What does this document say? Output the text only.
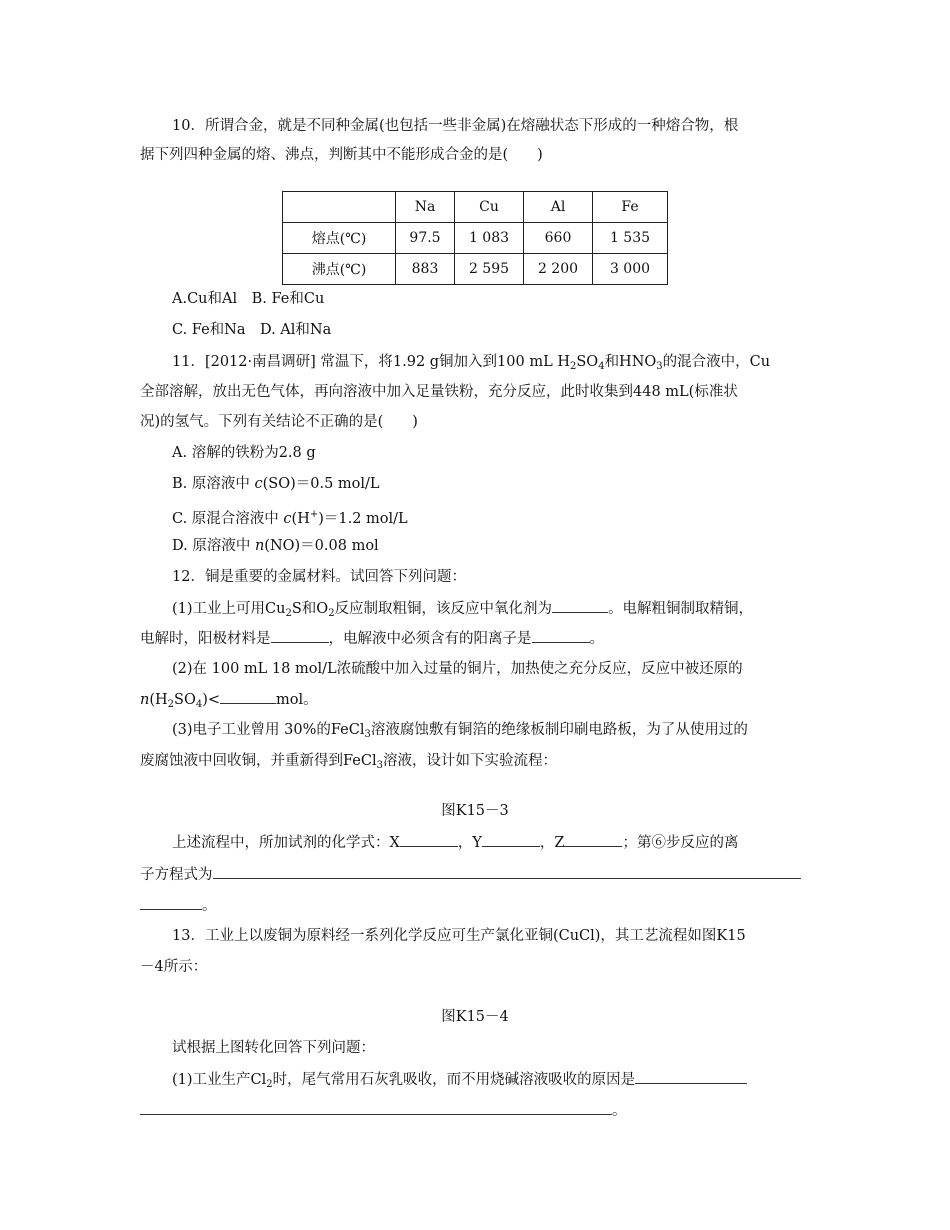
10．所谓合金，就是不同种金属(也包括一些非金属)在熔融状态下形成的一种熔合物，根
据下列四种金属的熔、沸点，判断其中不能形成合金的是(　　)
	Na	Cu	Al	Fe
熔点(℃)	97.5	1 083	660	1 535
沸点(℃)	883	2 595	2 200	3 000
A.Cu和Al　B. Fe和Cu
C. Fe和Na　D. Al和Na
11．[2012·南昌调研] 常温下，将1.92 g铜加入到100 mL $H_2SO_4$和$HNO_3$的混合液中，Cu
全部溶解，放出无色气体，再向溶液中加入足量铁粉，充分反应，此时收集到448 mL(标准状
况)的氢气。下列有关结论不正确的是(　　)
A. 溶解的铁粉为2.8 g
B. 原溶液中 c(SO)＝0.5 mol/L
C. 原混合溶液中 c(H+)＝1.2 mol/L
D. 原溶液中 n(NO)＝0.08 mol
12．铜是重要的金属材料。试回答下列问题：
(1)工业上可用$Cu_2S$和$O_2$反应制取粗铜，该反应中氧化剂为	。电解粗铜制取精铜，
电解时，阳极材料是	，电解液中必须含有的阳离子是	。
(2)在 100 mL 18 mol/L浓硫酸中加入过量的铜片，加热使之充分反应，反应中被还原的
$n(H_2SO_4)<$	mol。
(3)电子工业曾用 30%的FeCl$_3$溶液腐蚀敷有铜箔的绝缘板制印刷电路板，为了从使用过的
废腐蚀液中回收铜，并重新得到FeCl$_3$溶液，设计如下实验流程：
图K15－3
上述流程中，所加试剂的化学式：X	，Y	，Z	；第⑥步反应的离
子方程式为
。
13．工业上以废铜为原料经一系列化学反应可生产氯化亚铜(CuCl)，其工艺流程如图K15
－4所示：
图K15－4
试根据上图转化回答下列问题：
(1)工业生产$Cl_2$时，尾气常用石灰乳吸收，而不用烧碱溶液吸收的原因是
。
